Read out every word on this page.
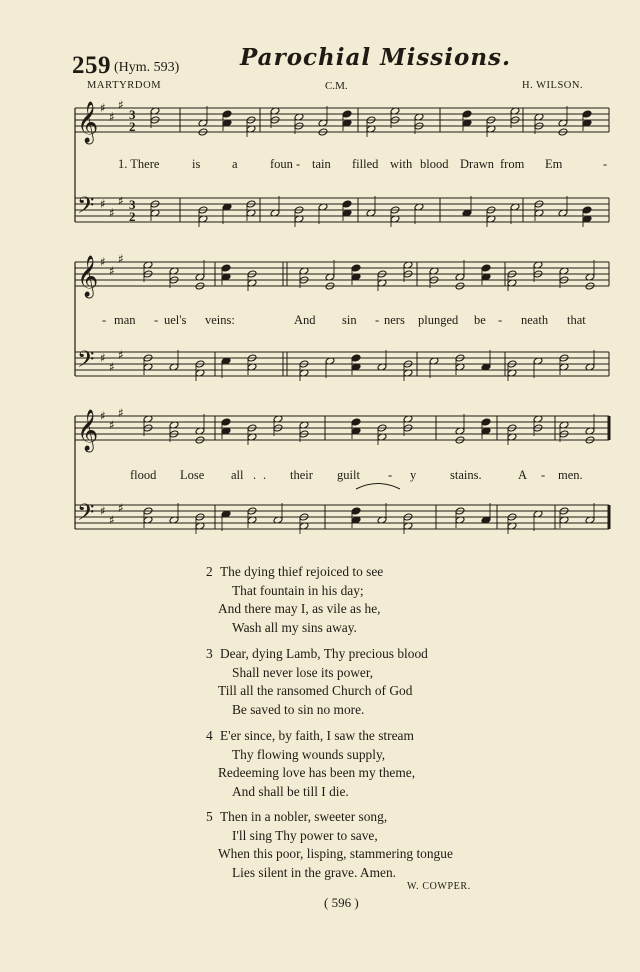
259 (Hym. 593)	Parochial Missions.
MARTYRDOM	C.M.	H. WILSON.
𝄞
𝄢
♯
♯
♯
♯
♯
♯
3
3
2
2
𝄞
𝄢
♯
♯
♯
♯
♯
♯
𝄞
𝄢
♯
♯
♯
♯
♯
♯
1. There	is	a	foun - tain filled with blood Drawn from Em	-
- man - uel's veins:	And sin - ners plunged be - neath that
flood Lose all . . their guilt - y	stains.	A - men.
2 The dying thief rejoiced to see
That fountain in his day;
And there may I, as vile as he,
Wash all my sins away.
3 Dear, dying Lamb, Thy precious blood
Shall never lose its power,
Till all the ransomed Church of God
Be saved to sin no more.
4 E'er since, by faith, I saw the stream
Thy flowing wounds supply,
Redeeming love has been my theme,
And shall be till I die.
5 Then in a nobler, sweeter song,
I'll sing Thy power to save,
When this poor, lisping, stammering tongue
Lies silent in the grave. Amen.
W. COWPER.
( 596 )
